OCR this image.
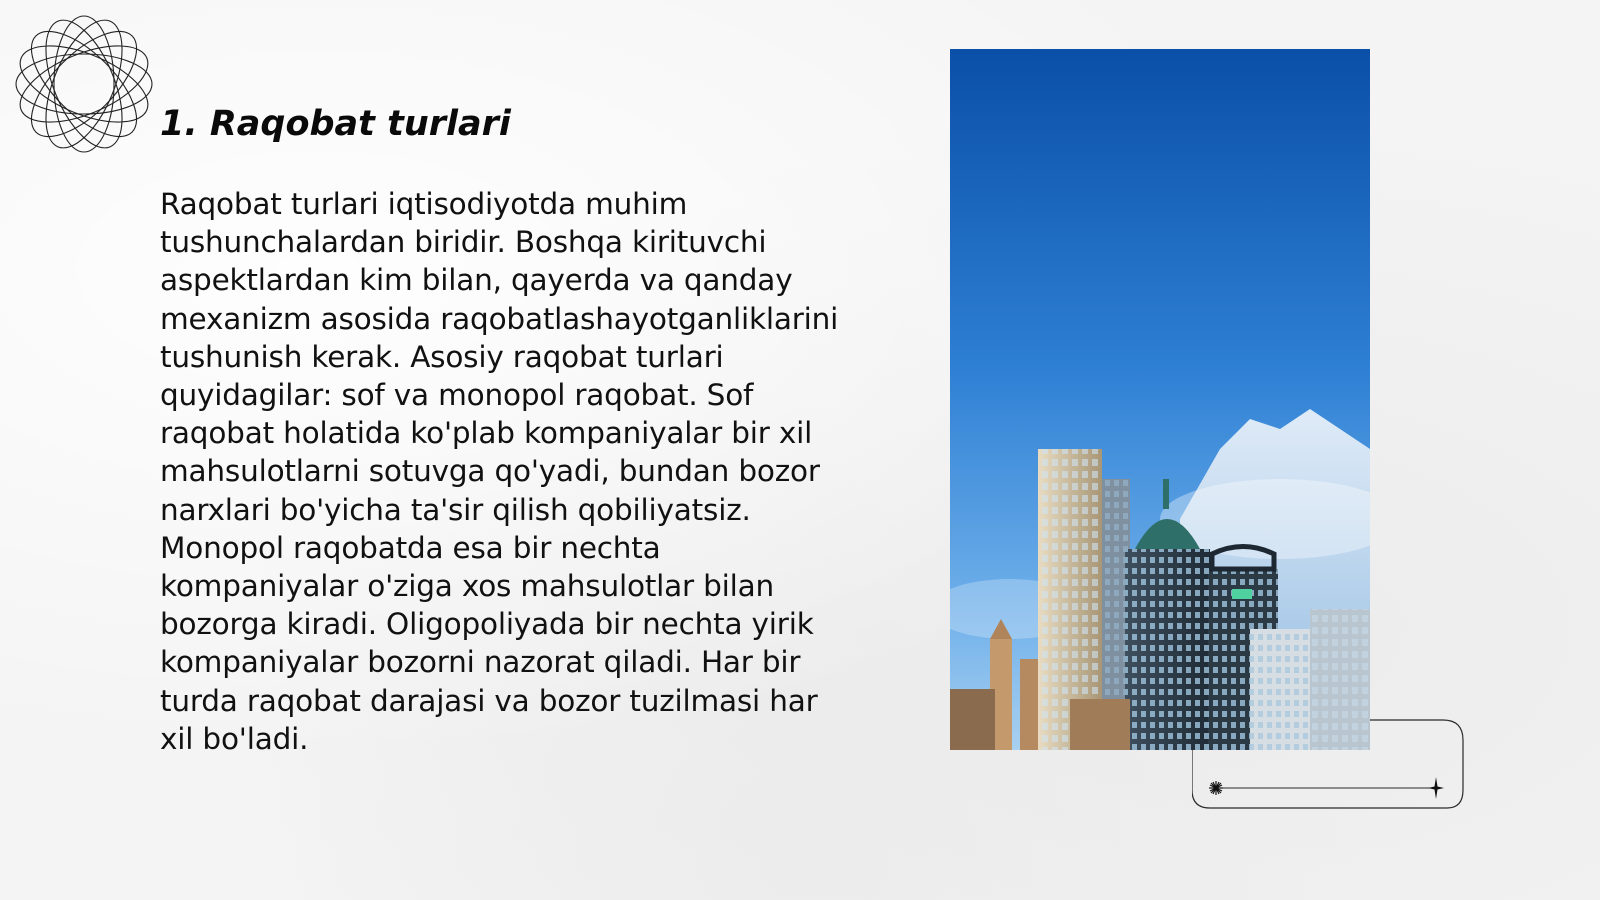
1. Raqobat turlari

Raqobat turlari iqtisodiyotda muhim tushunchalardan biridir. Boshqa kirituvchi aspektlardan kim bilan, qayerda va qanday mexanizm asosida raqobatlashayotganliklarini tushunish kerak. Asosiy raqobat turlari quyidagilar: sof va monopol raqobat. Sof raqobat holatida ko'plab kompaniyalar bir xil mahsulotlarni sotuvga qo'yadi, bundan bozor narxlari bo'yicha ta'sir qilish qobiliyatsiz. Monopol raqobatda esa bir nechta kompaniyalar o'ziga xos mahsulotlar bilan bozorga kiradi. Oligopoliyada bir nechta yirik kompaniyalar bozorni nazorat qiladi. Har bir turda raqobat darajasi va bozor tuzilmasi har xil bo'ladi.
